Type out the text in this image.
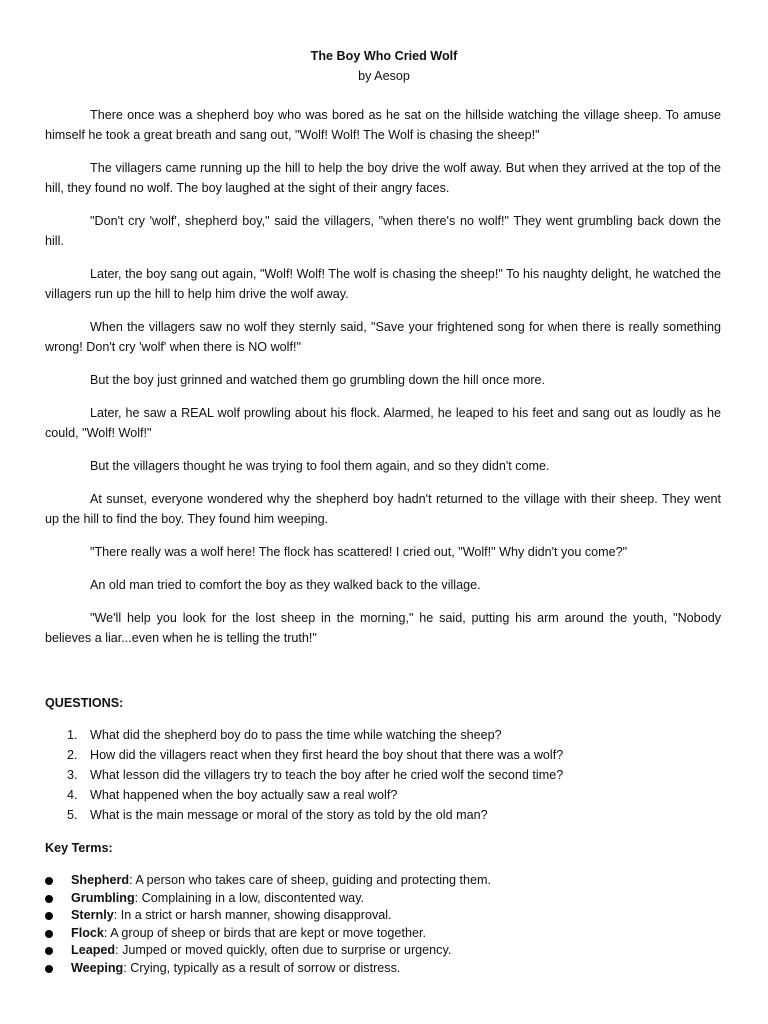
The Boy Who Cried Wolf
by Aesop

There once was a shepherd boy who was bored as he sat on the hillside watching the village sheep. To amuse himself he took a great breath and sang out, "Wolf! Wolf! The Wolf is chasing the sheep!"

The villagers came running up the hill to help the boy drive the wolf away. But when they arrived at the top of the hill, they found no wolf. The boy laughed at the sight of their angry faces.

"Don't cry 'wolf', shepherd boy," said the villagers, "when there's no wolf!" They went grumbling back down the hill.

Later, the boy sang out again, "Wolf! Wolf! The wolf is chasing the sheep!" To his naughty delight, he watched the villagers run up the hill to help him drive the wolf away.

When the villagers saw no wolf they sternly said, "Save your frightened song for when there is really something wrong! Don't cry 'wolf' when there is NO wolf!"

But the boy just grinned and watched them go grumbling down the hill once more.

Later, he saw a REAL wolf prowling about his flock. Alarmed, he leaped to his feet and sang out as loudly as he could, "Wolf! Wolf!"

But the villagers thought he was trying to fool them again, and so they didn't come.

At sunset, everyone wondered why the shepherd boy hadn't returned to the village with their sheep. They went up the hill to find the boy. They found him weeping.

"There really was a wolf here! The flock has scattered! I cried out, "Wolf!" Why didn't you come?"

An old man tried to comfort the boy as they walked back to the village.

"We'll help you look for the lost sheep in the morning," he said, putting his arm around the youth, "Nobody believes a liar...even when he is telling the truth!"

QUESTIONS:
1. What did the shepherd boy do to pass the time while watching the sheep?
2. How did the villagers react when they first heard the boy shout that there was a wolf?
3. What lesson did the villagers try to teach the boy after he cried wolf the second time?
4. What happened when the boy actually saw a real wolf?
5. What is the main message or moral of the story as told by the old man?
Key Terms:
Shepherd: A person who takes care of sheep, guiding and protecting them.
Grumbling: Complaining in a low, discontented way.
Sternly: In a strict or harsh manner, showing disapproval.
Flock: A group of sheep or birds that are kept or move together.
Leaped: Jumped or moved quickly, often due to surprise or urgency.
Weeping: Crying, typically as a result of sorrow or distress.
